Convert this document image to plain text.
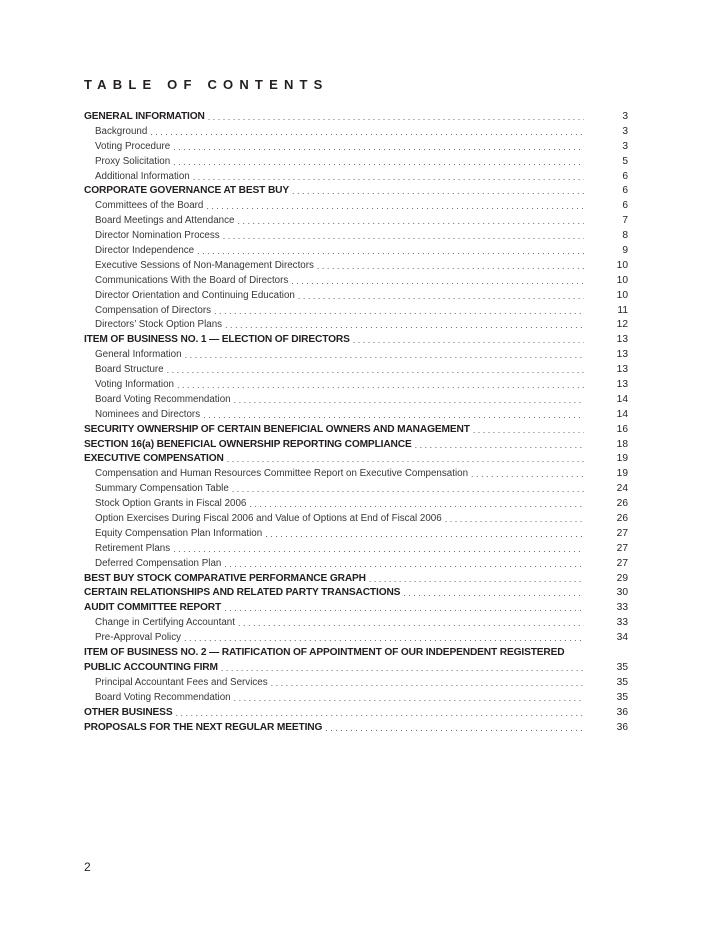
TABLE OF CONTENTS
GENERAL INFORMATION . . .	3
Background . . .	3
Voting Procedure . . .	3
Proxy Solicitation . . .	5
Additional Information . . .	6
CORPORATE GOVERNANCE AT BEST BUY . . .	6
Committees of the Board . . .	6
Board Meetings and Attendance . . .	7
Director Nomination Process . . .	8
Director Independence . . .	9
Executive Sessions of Non-Management Directors . . .	10
Communications With the Board of Directors . . .	10
Director Orientation and Continuing Education . . .	10
Compensation of Directors . . .	11
Directors’ Stock Option Plans . . .	12
ITEM OF BUSINESS NO. 1 — ELECTION OF DIRECTORS . . .	13
General Information . . .	13
Board Structure . . .	13
Voting Information . . .	13
Board Voting Recommendation . . .	14
Nominees and Directors . . .	14
SECURITY OWNERSHIP OF CERTAIN BENEFICIAL OWNERS AND MANAGEMENT . . .	16
SECTION 16(a) BENEFICIAL OWNERSHIP REPORTING COMPLIANCE . . .	18
EXECUTIVE COMPENSATION . . .	19
Compensation and Human Resources Committee Report on Executive Compensation . . .	19
Summary Compensation Table . . .	24
Stock Option Grants in Fiscal 2006 . . .	26
Option Exercises During Fiscal 2006 and Value of Options at End of Fiscal 2006 . . .	26
Equity Compensation Plan Information . . .	27
Retirement Plans . . .	27
Deferred Compensation Plan . . .	27
BEST BUY STOCK COMPARATIVE PERFORMANCE GRAPH . . .	29
CERTAIN RELATIONSHIPS AND RELATED PARTY TRANSACTIONS . . .	30
AUDIT COMMITTEE REPORT . . .	33
Change in Certifying Accountant . . .	33
Pre-Approval Policy . . .	34
ITEM OF BUSINESS NO. 2 — RATIFICATION OF APPOINTMENT OF OUR INDEPENDENT REGISTERED
PUBLIC ACCOUNTING FIRM . . .	35
Principal Accountant Fees and Services . . .	35
Board Voting Recommendation . . .	35
OTHER BUSINESS . . .	36
PROPOSALS FOR THE NEXT REGULAR MEETING . . .	36
2
